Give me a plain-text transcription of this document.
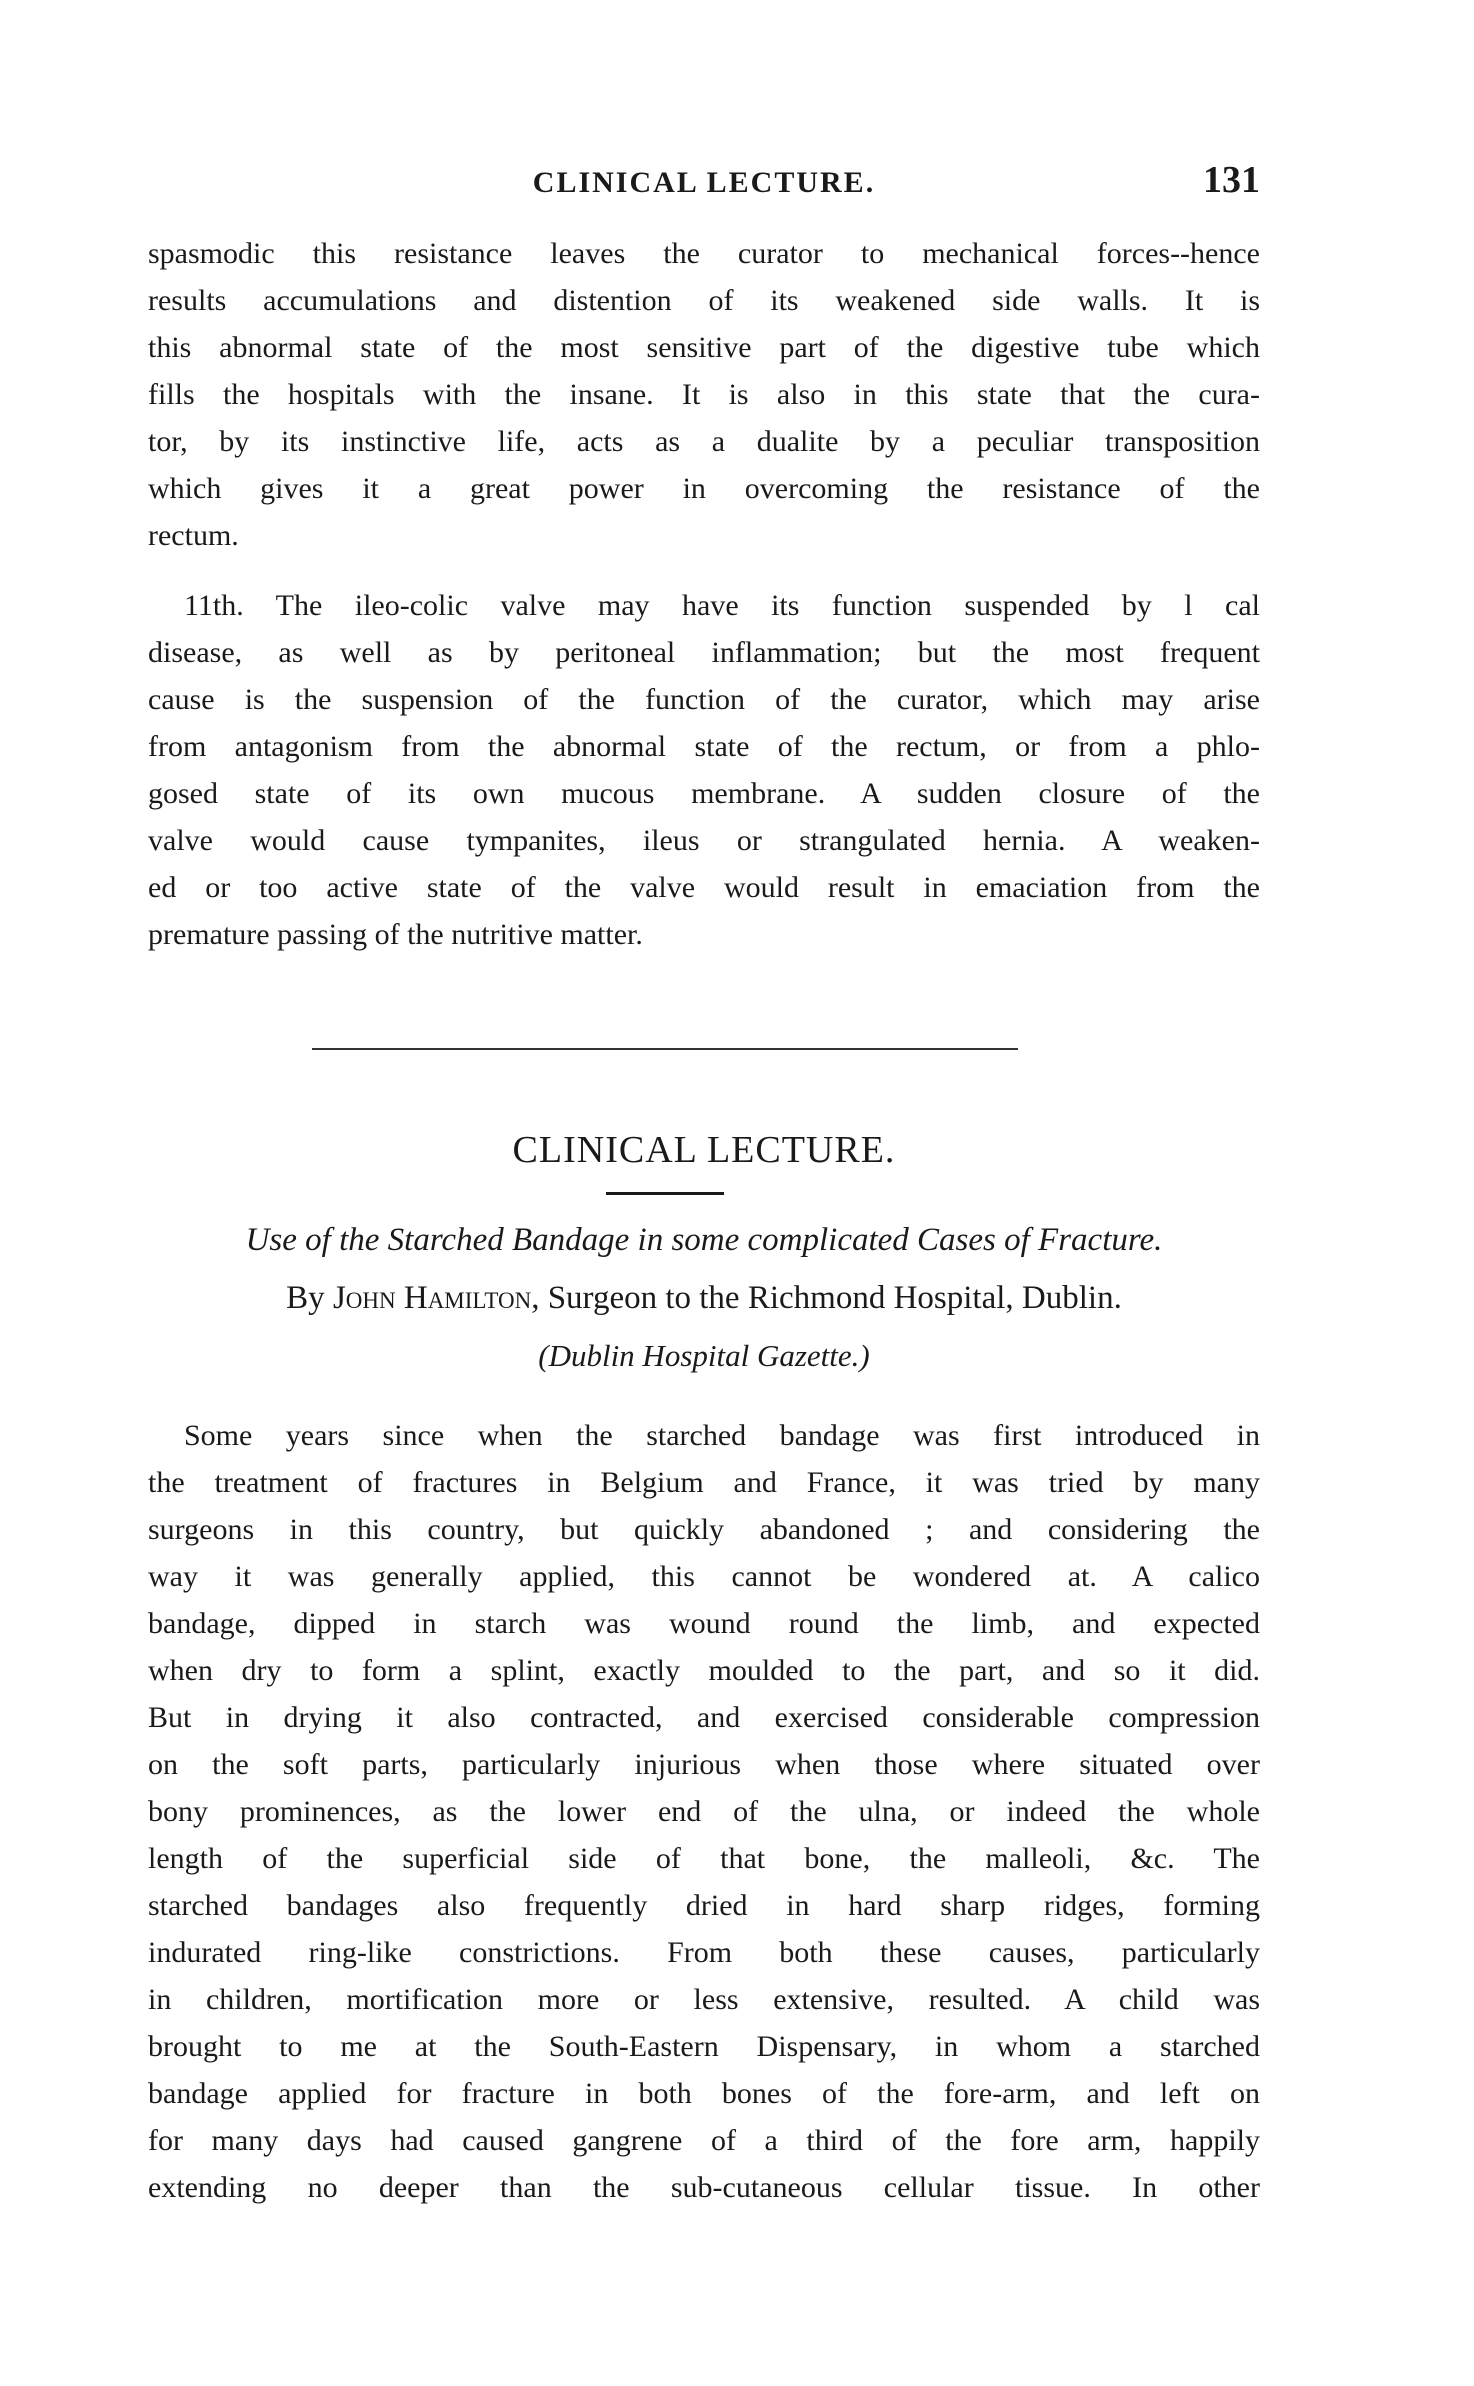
CLINICAL LECTURE.	131
spasmodic this resistance leaves the curator to mechanical forces--hence
results accumulations and distention of its weakened side walls. It is
this abnormal state of the most sensitive part of the digestive tube which
fills the hospitals with the insane. It is also in this state that the cura-
tor, by its instinctive life, acts as a dualite by a peculiar transposition
which gives it a great power in overcoming the resistance of the
rectum.
11th. The ileo-colic valve may have its function suspended by l cal
disease, as well as by peritoneal inflammation; but the most frequent
cause is the suspension of the function of the curator, which may arise
from antagonism from the abnormal state of the rectum, or from a phlo-
gosed state of its own mucous membrane. A sudden closure of the
valve would cause tympanites, ileus or strangulated hernia. A weaken-
ed or too active state of the valve would result in emaciation from the
premature passing of the nutritive matter.
CLINICAL LECTURE.
Use of the Starched Bandage in some complicated Cases of Fracture.
By John Hamilton, Surgeon to the Richmond Hospital, Dublin.
(Dublin Hospital Gazette.)
Some years since when the starched bandage was first introduced in
the treatment of fractures in Belgium and France, it was tried by many
surgeons in this country, but quickly abandoned ; and considering the
way it was generally applied, this cannot be wondered at. A calico
bandage, dipped in starch was wound round the limb, and expected
when dry to form a splint, exactly moulded to the part, and so it did.
But in drying it also contracted, and exercised considerable compression
on the soft parts, particularly injurious when those where situated over
bony prominences, as the lower end of the ulna, or indeed the whole
length of the superficial side of that bone, the malleoli, &c. The
starched bandages also frequently dried in hard sharp ridges, forming
indurated ring-like constrictions. From both these causes, particularly
in children, mortification more or less extensive, resulted. A child was
brought to me at the South-Eastern Dispensary, in whom a starched
bandage applied for fracture in both bones of the fore-arm, and left on
for many days had caused gangrene of a third of the fore arm, happily
extending no deeper than the sub-cutaneous cellular tissue. In other
